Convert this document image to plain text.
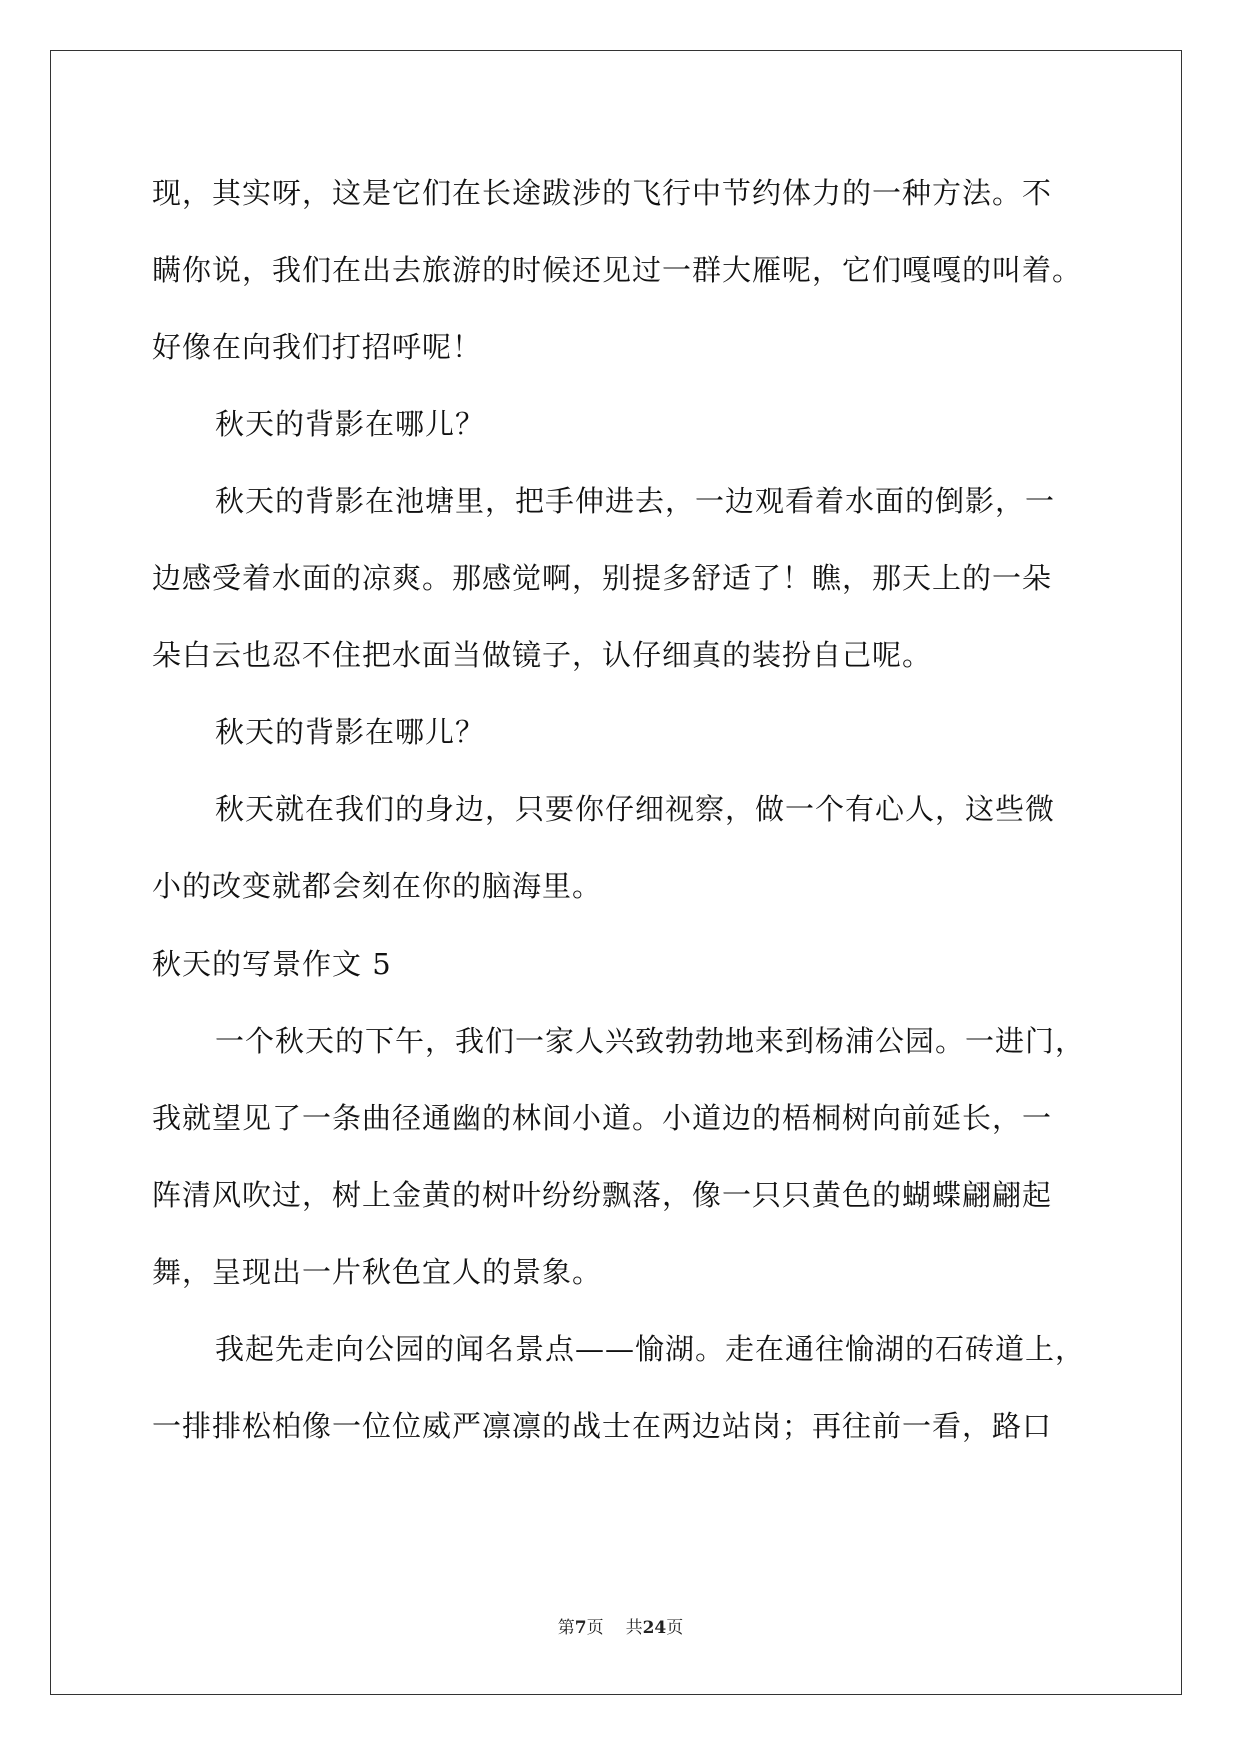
现，其实呀，这是它们在长途跋涉的飞行中节约体力的一种方法。不
瞒你说，我们在出去旅游的时候还见过一群大雁呢，它们嘎嘎的叫着。
好像在向我们打招呼呢！
秋天的背影在哪儿？
秋天的背影在池塘里，把手伸进去，一边观看着水面的倒影，一
边感受着水面的凉爽。那感觉啊，别提多舒适了！瞧，那天上的一朵
朵白云也忍不住把水面当做镜子，认仔细真的装扮自己呢。
秋天的背影在哪儿？
秋天就在我们的身边，只要你仔细视察，做一个有心人，这些微
小的改变就都会刻在你的脑海里。
秋天的写景作文 5
一个秋天的下午，我们一家人兴致勃勃地来到杨浦公园。一进门，
我就望见了一条曲径通幽的林间小道。小道边的梧桐树向前延长，一
阵清风吹过，树上金黄的树叶纷纷飘落，像一只只黄色的蝴蝶翩翩起
舞，呈现出一片秋色宜人的景象。
我起先走向公园的闻名景点——愉湖。走在通往愉湖的石砖道上，
一排排松柏像一位位威严凛凛的战士在两边站岗；再往前一看，路口
第7页 共24页
